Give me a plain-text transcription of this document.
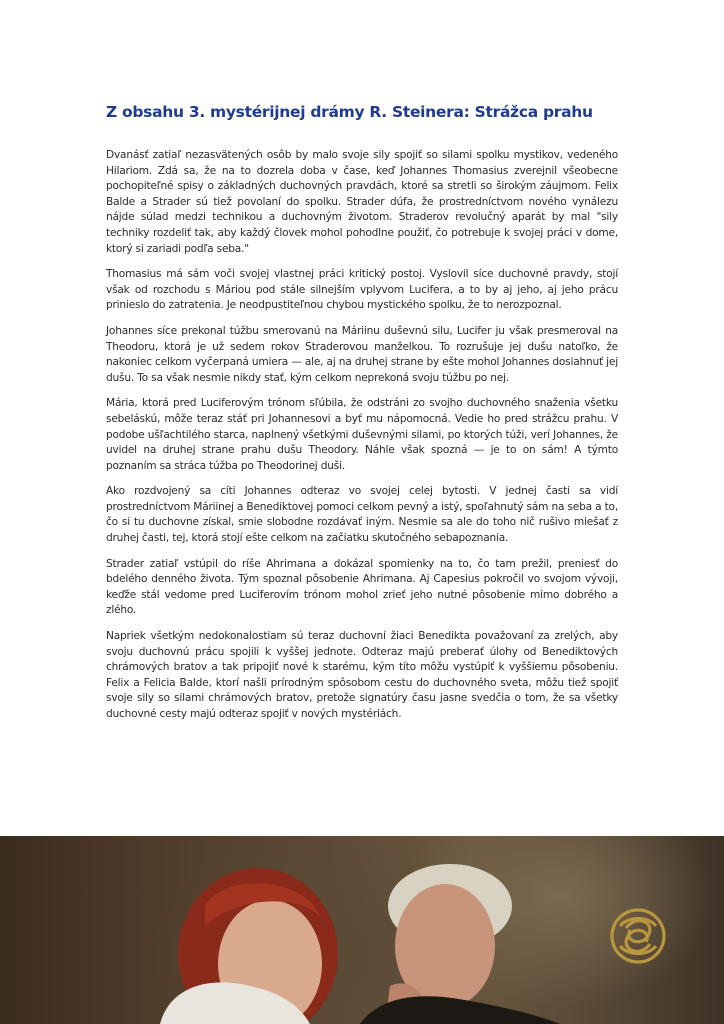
Z obsahu 3. mystérijnej drámy R. Steinera: Strážca prahu

Dvanásť zatiaľ nezasvätených osôb by malo svoje sily spojiť so silami spolku mystikov, vedeného Hilariom. Zdá sa, že na to dozrela doba v čase, keď Johannes Thomasius zverejnil všeobecne pochopiteľné spisy o základných duchovných pravdách, ktoré sa stretli so širokým záujmom. Felix Balde a Strader sú tiež povolaní do spolku. Strader dúfa, že prostredníctvom nového vynálezu nájde súlad medzi technikou a duchovným životom. Straderov revolučný aparát by mal "sily techniky rozdeliť tak, aby každý človek mohol pohodlne použiť, čo potrebuje k svojej práci v dome, ktorý si zariadi podľa seba."

Thomasius má sám voči svojej vlastnej práci kritický postoj. Vyslovil síce duchovné pravdy, stojí však od rozchodu s Máriou pod stále silnejším vplyvom Lucifera, a to by aj jeho, aj jeho prácu prinieslo do zatratenia. Je neodpustiteľnou chybou mystického spolku, že to nerozpoznal.

Johannes síce prekonal túžbu smerovanú na Máriinu duševnú silu, Lucifer ju však presmeroval na Theodoru, ktorá je už sedem rokov Straderovou manželkou. To rozrušuje jej dušu natoľko, že nakoniec celkom vyčerpaná umiera — ale, aj na druhej strane by ešte mohol Johannes dosiahnuť jej dušu. To sa však nesmie nikdy stať, kým celkom neprekoná svoju túžbu po nej.

Mária, ktorá pred Luciferovým trónom sľúbila, že odstráni zo svojho duchovného snaženia všetku sebeláskú, môže teraz stáť pri Johannesovi a byť mu nápomocná. Vedie ho pred strážcu prahu. V podobe ušľachtilého starca, naplnený všetkými duševnými silami, po ktorých túži, verí Johannes, že uvidel na druhej strane prahu dušu Theodory. Náhle však spozná — je to on sám! A týmto poznaním sa stráca túžba po Theodorinej duši.

Ako rozdvojený sa cíti Johannes odteraz vo svojej celej bytosti. V jednej časti sa vidí prostredníctvom Máriinej a Benediktovej pomoci celkom pevný a istý, spoľahnutý sám na seba a to, čo si tu duchovne získal, smie slobodne rozdávať iným. Nesmie sa ale do toho nič rušivo miešať z druhej časti, tej, ktorá stojí ešte celkom na začiatku skutočného sebapoznania.

Strader zatiaľ vstúpil do ríše Ahrimana a dokázal spomienky na to, čo tam prežil, preniesť do bdelého denného života. Tým spoznal pôsobenie Ahrimana. Aj Capesius pokročil vo svojom vývoji, keďže stál vedome pred Luciferovím trónom mohol zrieť jeho nutné pôsobenie mimo dobrého a zlého.

Napriek všetkým nedokonalostiam sú teraz duchovní žiaci Benedikta považovaní za zrelých, aby svoju duchovnú prácu spojili k vyššej jednote. Odteraz majú preberať úlohy od Benediktových chrámových bratov a tak pripojiť nové k starému, kým títo môžu vystúpiť k vyššiemu pôsobeniu. Felix a Felicia Balde, ktorí našli prírodným spôsobom cestu do duchovného sveta, môžu tiež spojiť svoje sily so silami chrámových bratov, pretože signatúry času jasne svedčia o tom, že sa všetky duchovné cesty majú odteraz spojiť v nových mystériách.
